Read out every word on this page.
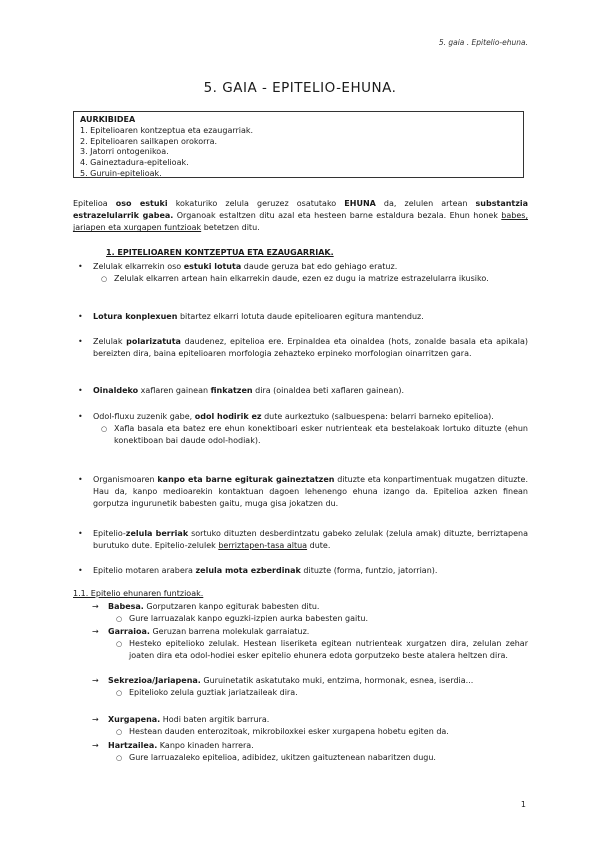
5. gaia . Epitelio-ehuna.
5. GAIA - EPITELIO-EHUNA.
AURKIBIDEA
1. Epitelioaren kontzeptua eta ezaugarriak.
2. Epitelioaren sailkapen orokorra.
3. Jatorri ontogenikoa.
4. Gaineztadura-epitelioak.
5. Guruin-epitelioak.
Epitelioa oso estuki kokaturiko zelula geruzez osatutako EHUNA da, zelulen artean substantzia estrazelularrik gabea. Organoak estaltzen ditu azal eta hesteen barne estaldura bezala. Ehun honek babes, jariapen eta xurgapen funtzioak betetzen ditu.
1. EPITELIOAREN KONTZEPTUA ETA EZAUGARRIAK.
• Zelulak elkarrekin oso estuki lotuta daude geruza bat edo gehiago eratuz.
○ Zelulak elkarren artean hain elkarrekin daude, ezen ez dugu ia matrize estrazelularra ikusiko.
• Lotura konplexuen bitartez elkarri lotuta daude epitelioaren egitura mantenduz.
• Zelulak polarizatuta daudenez, epitelioa ere. Erpinaldea eta oinaldea (hots, zonalde basala eta apikala) bereizten dira, baina epitelioaren morfologia zehazteko erpineko morfologian oinarritzen gara.
• Oinaldeko xaflaren gainean finkatzen dira (oinaldea beti xaflaren gainean).
• Odol-fluxu zuzenik gabe, odol hodirik ez dute aurkeztuko (salbuespena: belarri barneko epitelioa).
○ Xafla basala eta batez ere ehun konektiboari esker nutrienteak eta bestelakoak lortuko dituzte (ehun konektiboan bai daude odol-hodiak).
• Organismoaren kanpo eta barne egiturak gaineztatzen dituzte eta konpartimentuak mugatzen dituzte. Hau da, kanpo medioarekin kontaktuan dagoen lehenengo ehuna izango da. Epitelioa azken finean gorputza ingurunetik babesten gaitu, muga gisa jokatzen du.
• Epitelio-zelula berriak sortuko dituzten desberdintzatu gabeko zelulak (zelula amak) dituzte, berriztapena burutuko dute. Epitelio-zelulek berriztapen-tasa altua dute.
• Epitelio motaren arabera zelula mota ezberdinak dituzte (forma, funtzio, jatorrian).
1.1. Epitelio ehunaren funtzioak.
→ Babesa. Gorputzaren kanpo egiturak babesten ditu.
○ Gure larruazalak kanpo eguzki-izpien aurka babesten gaitu.
→ Garraioa. Geruzan barrena molekulak garraiatuz.
○ Hesteko epitelioko zelulak. Hestean liseriketa egitean nutrienteak xurgatzen dira, zelulan zehar joaten dira eta odol-hodiei esker epitelio ehunera edota gorputzeko beste atalera heltzen dira.
→ Sekrezioa/Jariapena. Guruinetatik askatutako muki, entzima, hormonak, esnea, iserdia...
○ Epitelioko zelula guztiak jariatzaileak dira.
→ Xurgapena. Hodi baten argitik barrura.
○ Hestean dauden enterozitoak, mikrobiloxkei esker xurgapena hobetu egiten da.
→ Hartzailea. Kanpo kinaden harrera.
○ Gure larruazaleko epitelioa, adibidez, ukitzen gaituztenean nabaritzen dugu.
1
